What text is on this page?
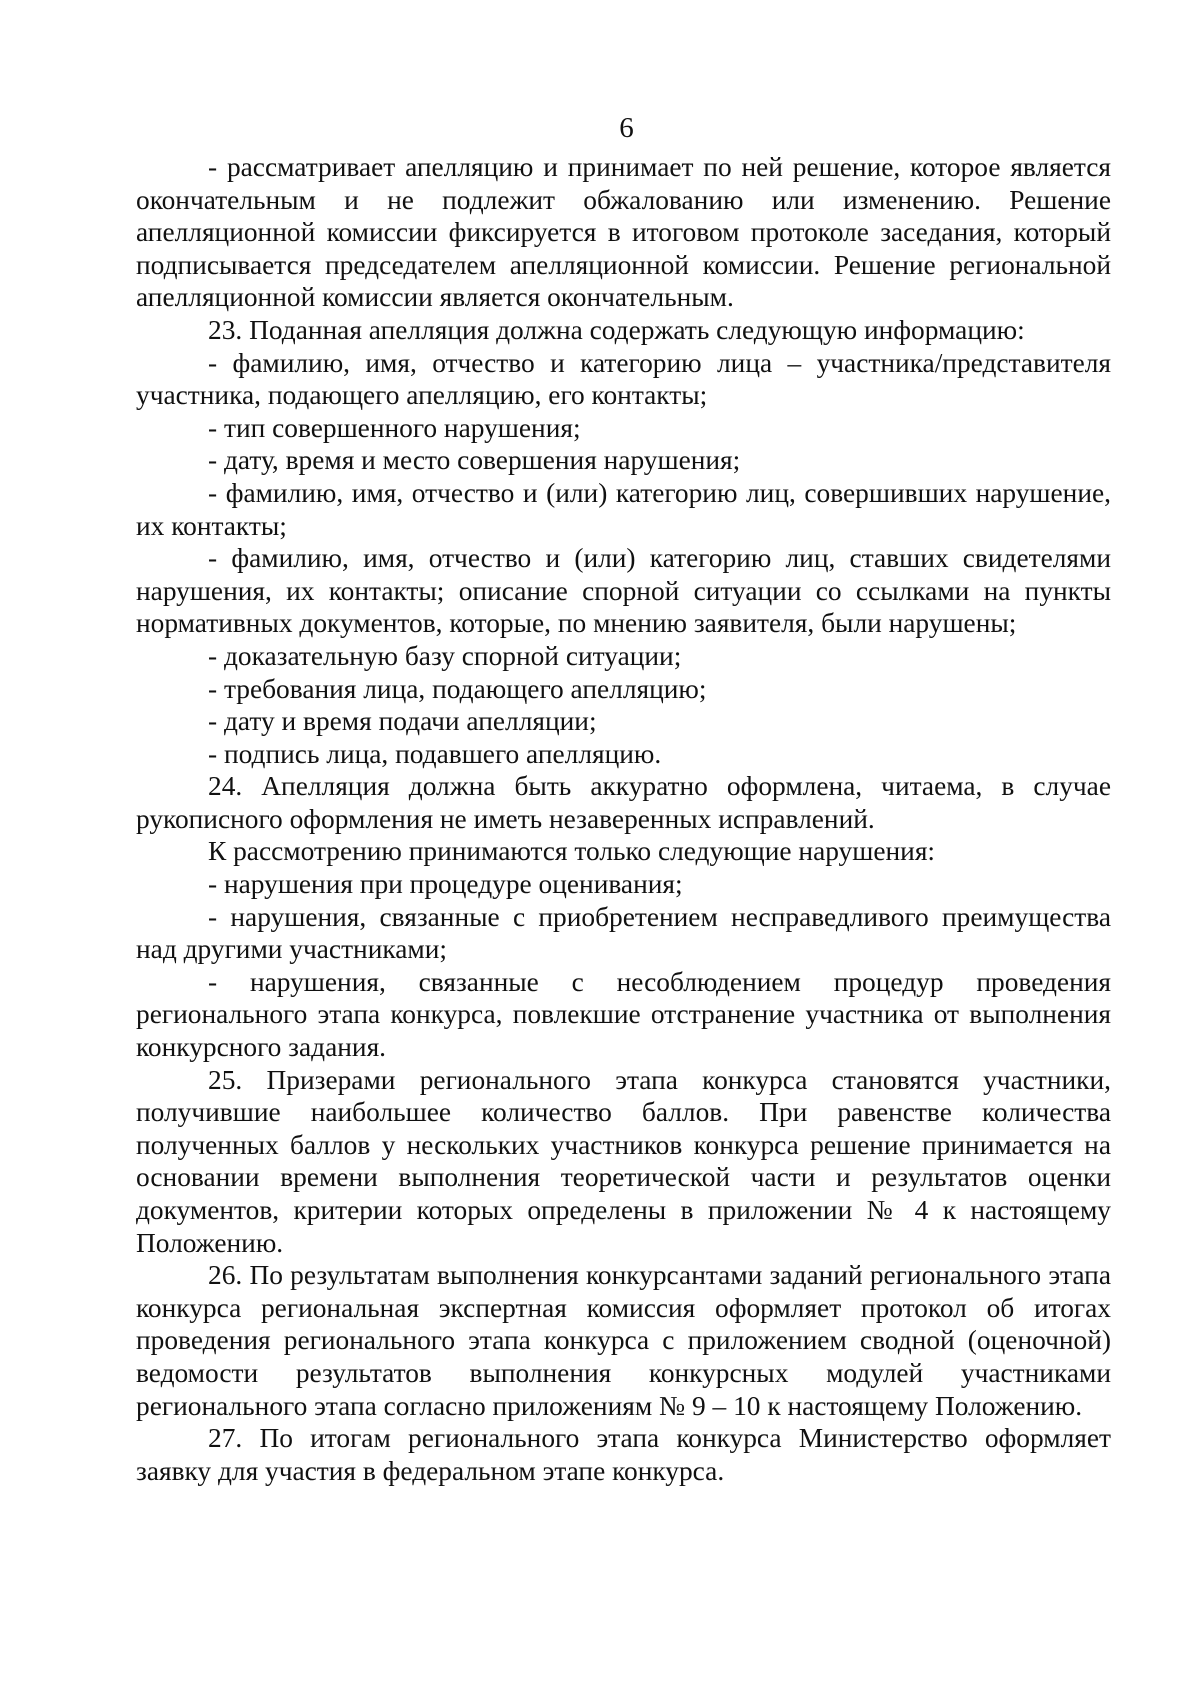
6

- рассматривает апелляцию и принимает по ней решение, которое является окончательным и не подлежит обжалованию или изменению. Решение апелляционной комиссии фиксируется в итоговом протоколе заседания, который подписывается председателем апелляционной комиссии. Решение региональной апелляционной комиссии является окончательным.

23. Поданная апелляция должна содержать следующую информацию:

- фамилию, имя, отчество и категорию лица – участника/представителя участника, подающего апелляцию, его контакты;

- тип совершенного нарушения;

- дату, время и место совершения нарушения;

- фамилию, имя, отчество и (или) категорию лиц, совершивших нарушение, их контакты;

- фамилию, имя, отчество и (или) категорию лиц, ставших свидетелями нарушения, их контакты; описание спорной ситуации со ссылками на пункты нормативных документов, которые, по мнению заявителя, были нарушены;

- доказательную базу спорной ситуации;

- требования лица, подающего апелляцию;

- дату и время подачи апелляции;

- подпись лица, подавшего апелляцию.

24. Апелляция должна быть аккуратно оформлена, читаема, в случае рукописного оформления не иметь незаверенных исправлений.

К рассмотрению принимаются только следующие нарушения:

- нарушения при процедуре оценивания;

- нарушения, связанные с приобретением несправедливого преимущества над другими участниками;

- нарушения, связанные с несоблюдением процедур проведения регионального этапа конкурса, повлекшие отстранение участника от выполнения конкурсного задания.

25. Призерами регионального этапа конкурса становятся участники, получившие наибольшее количество баллов. При равенстве количества полученных баллов у нескольких участников конкурса решение принимается на основании времени выполнения теоретической части и результатов оценки документов, критерии которых определены в приложении № 4 к настоящему Положению.

26. По результатам выполнения конкурсантами заданий регионального этапа конкурса региональная экспертная комиссия оформляет протокол об итогах проведения регионального этапа конкурса с приложением сводной (оценочной) ведомости результатов выполнения конкурсных модулей участниками регионального этапа согласно приложениям № 9 – 10 к настоящему Положению.

27. По итогам регионального этапа конкурса Министерство оформляет заявку для участия в федеральном этапе конкурса.
